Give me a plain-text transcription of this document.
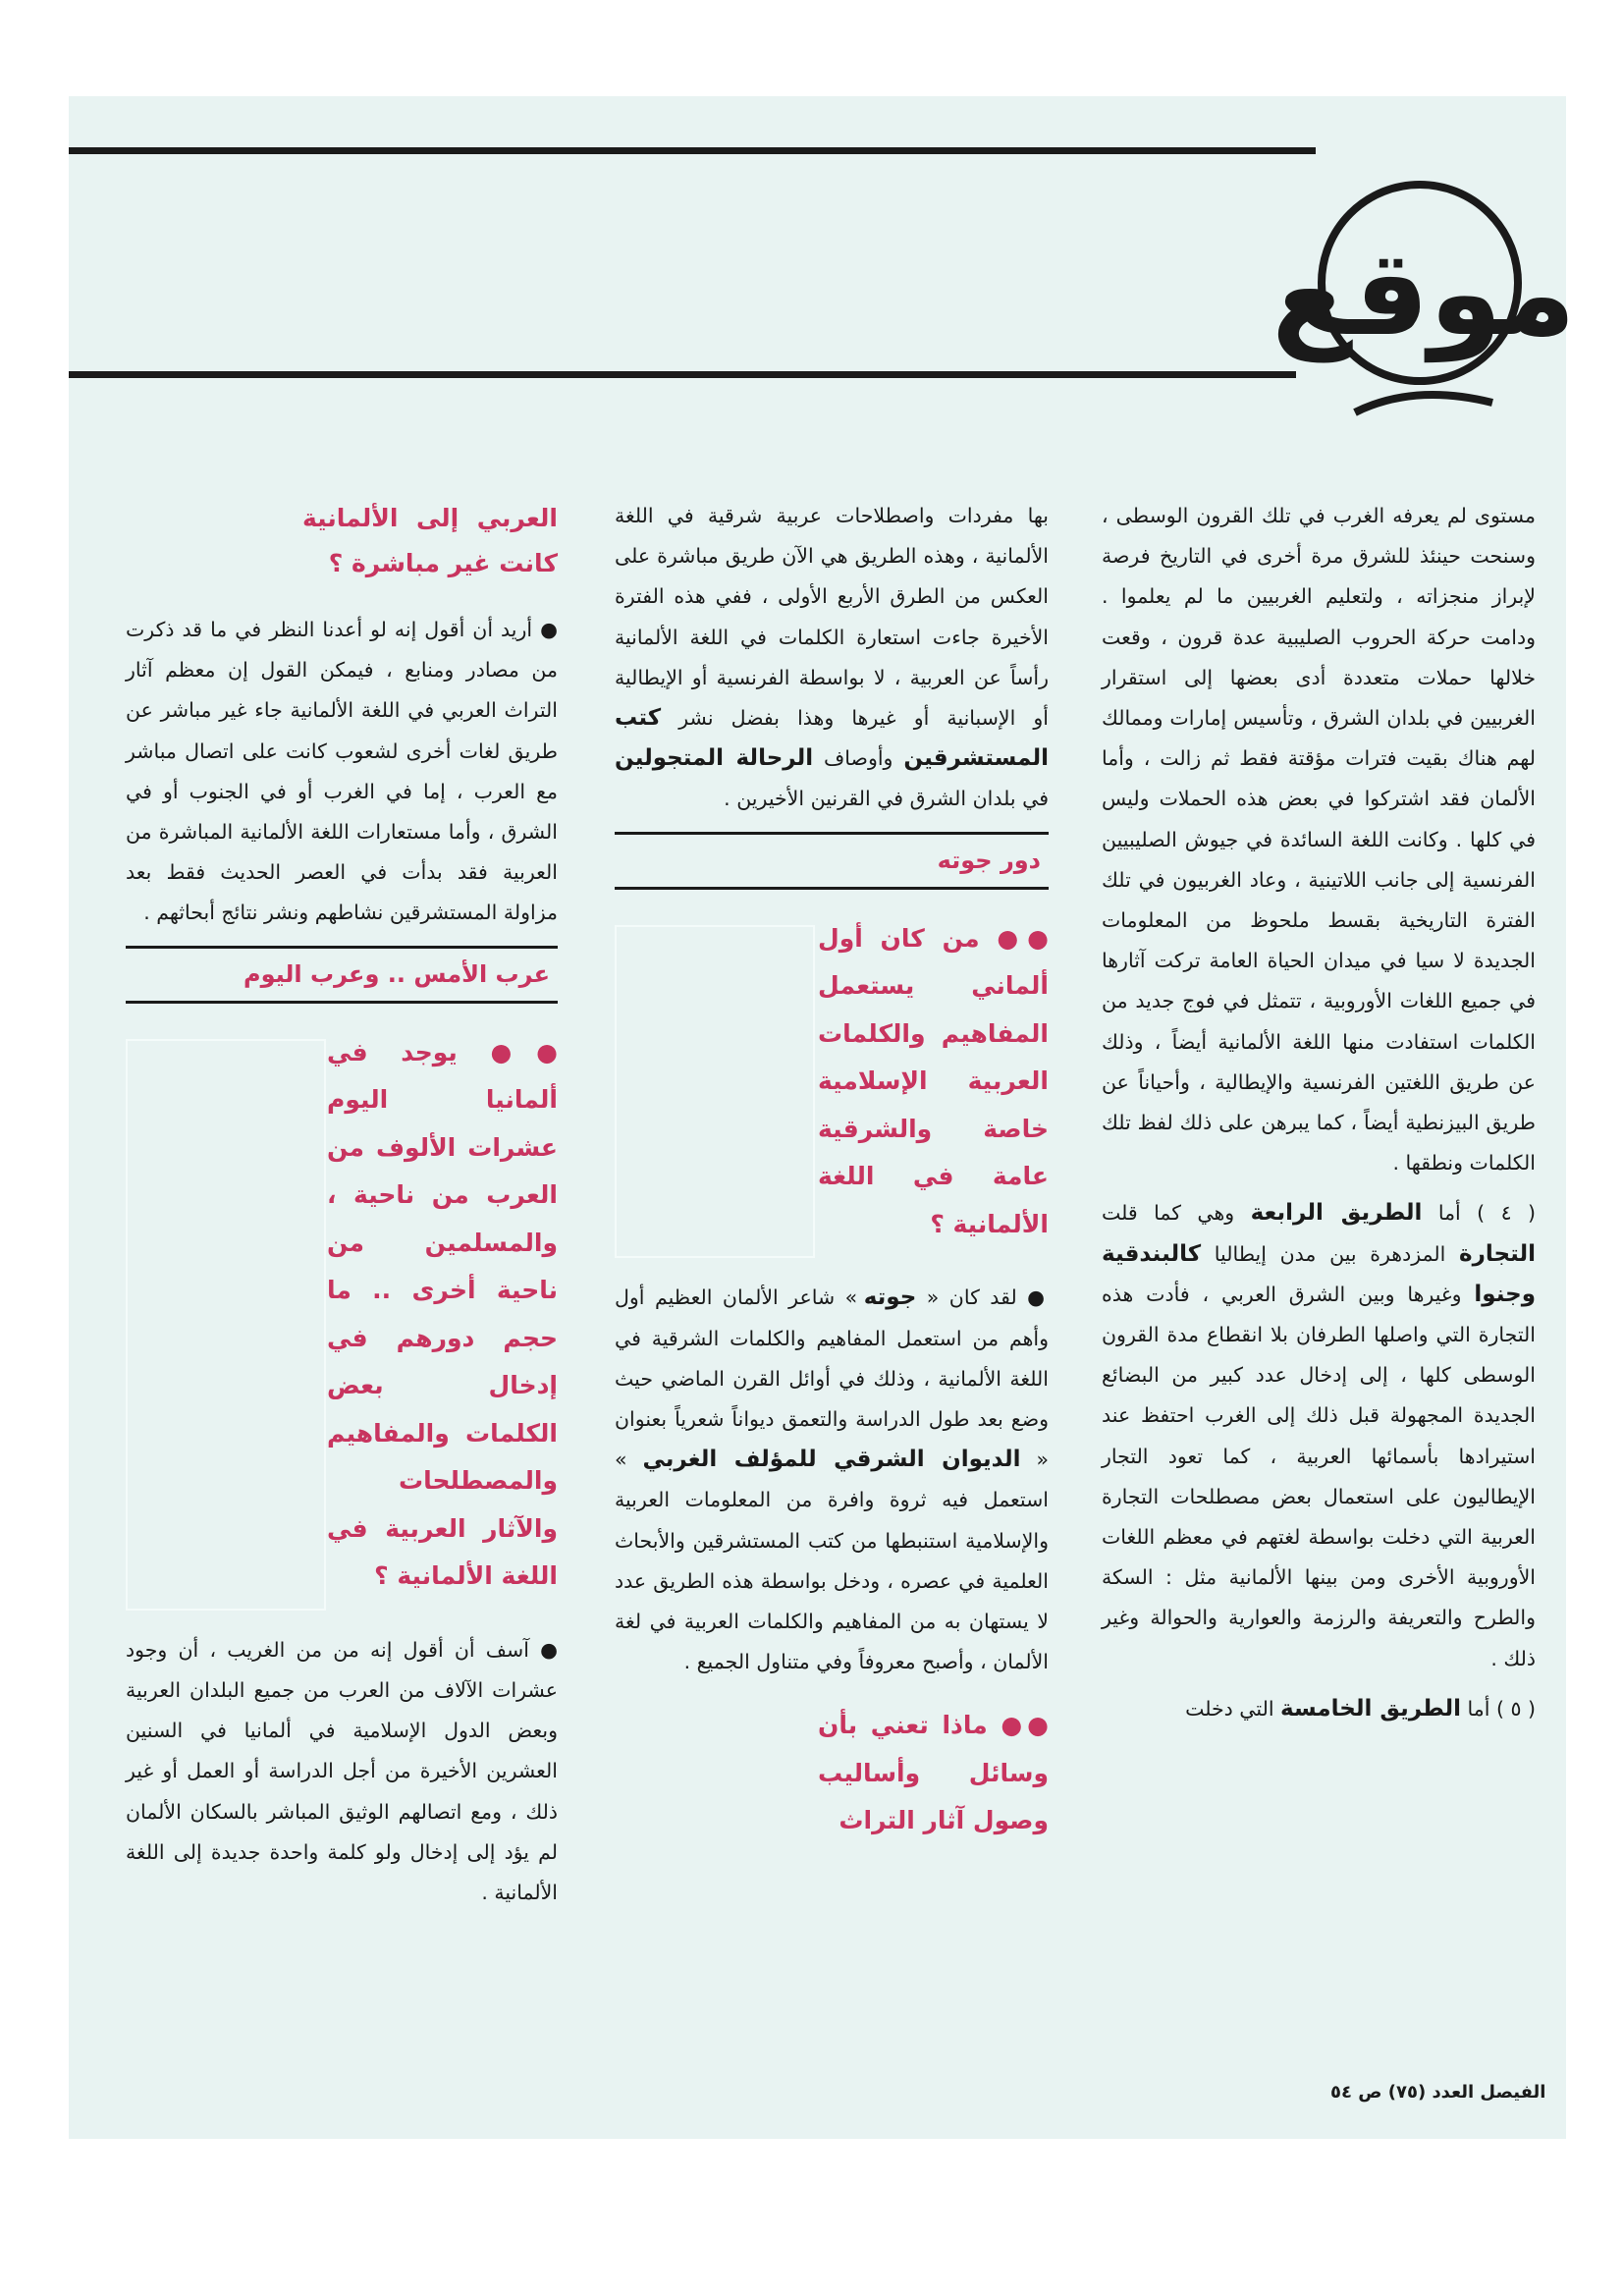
موقع

مستوى لم يعرفه الغرب في تلك القرون الوسطى ، وسنحت حينئذ للشرق مرة أخرى في التاريخ فرصة لإبراز منجزاته ، ولتعليم الغربيين ما لم يعلموا . ودامت حركة الحروب الصليبية عدة قرون ، وقعت خلالها حملات متعددة أدى بعضها إلى استقرار الغربيين في بلدان الشرق ، وتأسيس إمارات وممالك لهم هناك بقيت فترات مؤقتة فقط ثم زالت ، وأما الألمان فقد اشتركوا في بعض هذه الحملات وليس في كلها . وكانت اللغة السائدة في جيوش الصليبيين الفرنسية إلى جانب اللاتينية ، وعاد الغربيون في تلك الفترة التاريخية بقسط ملحوظ من المعلومات الجديدة لا سيا في ميدان الحياة العامة تركت آثارها في جميع اللغات الأوروبية ، تتمثل في فوج جديد من الكلمات استفادت منها اللغة الألمانية أيضاً ، وذلك عن طريق اللغتين الفرنسية والإيطالية ، وأحياناً عن طريق البيزنطية أيضاً ، كما يبرهن على ذلك لفظ تلك الكلمات ونطقها .

( ٤ ) أما الطريق الرابعة وهي كما قلت التجارة المزدهرة بين مدن إيطاليا كالبندقية وجنوا وغيرها وبين الشرق العربي ، فأدت هذه التجارة التي واصلها الطرفان بلا انقطاع مدة القرون الوسطى كلها ، إلى إدخال عدد كبير من البضائع الجديدة المجهولة قبل ذلك إلى الغرب احتفظ عند استيرادها بأسمائها العربية ، كما تعود التجار الإيطاليون على استعمال بعض مصطلحات التجارة العربية التي دخلت بواسطة لغتهم في معظم اللغات الأوروبية الأخرى ومن بينها الألمانية مثل : السكة والطرح والتعريفة والرزمة والعوارية والحوالة وغير ذلك .

( ٥ ) أما الطريق الخامسة التي دخلت

بها مفردات واصطلاحات عربية شرقية في اللغة الألمانية ، وهذه الطريق هي الآن طريق مباشرة على العكس من الطرق الأربع الأولى ، ففي هذه الفترة الأخيرة جاءت استعارة الكلمات في اللغة الألمانية رأساً عن العربية ، لا بواسطة الفرنسية أو الإيطالية أو الإسبانية أو غيرها وهذا بفضل نشر كتب المستشرقين وأوصاف الرحالة المتجولين في بلدان الشرق في القرنين الأخيرين .

دور جوته
●● من كان أول ألماني يستعمل المفاهيم والكلمات العربية الإسلامية خاصة والشرقية عامة في اللغة الألمانية ؟

● لقد كان « جوته » شاعر الألمان العظيم أول وأهم من استعمل المفاهيم والكلمات الشرقية في اللغة الألمانية ، وذلك في أوائل القرن الماضي حيث وضع بعد طول الدراسة والتعمق ديواناً شعرياً بعنوان « الديوان الشرقي للمؤلف الغربي » استعمل فيه ثروة وافرة من المعلومات العربية والإسلامية استنبطها من كتب المستشرقين والأبحاث العلمية في عصره ، ودخل بواسطة هذه الطريق عدد لا يستهان به من المفاهيم والكلمات العربية في لغة الألمان ، وأصبح معروفاً وفي متناول الجميع .

●● ماذا تعني بأن وسائل وأساليب وصول آثار التراث
العربي إلى الألمانية كانت غير مباشرة ؟

● أريد أن أقول إنه لو أعدنا النظر في ما قد ذكرت من مصادر ومنابع ، فيمكن القول إن معظم آثار التراث العربي في اللغة الألمانية جاء غير مباشر عن طريق لغات أخرى لشعوب كانت على اتصال مباشر مع العرب ، إما في الغرب أو في الجنوب أو في الشرق ، وأما مستعارات اللغة الألمانية المباشرة من العربية فقد بدأت في العصر الحديث فقط بعد مزاولة المستشرقين نشاطهم ونشر نتائج أبحاثهم .

عرب الأمس .. وعرب اليوم
●● يوجد في ألمانيا اليوم عشرات الألوف من العرب من ناحية ، والمسلمين من ناحية أخرى .. ما حجم دورهم في إدخال بعض الكلمات والمفاهيم والمصطلحات والآثار العربية في اللغة الألمانية ؟

● آسف أن أقول إنه من من الغريب ، أن وجود عشرات الآلاف من العرب من جميع البلدان العربية وبعض الدول الإسلامية في ألمانيا في السنين العشرين الأخيرة من أجل الدراسة أو العمل أو غير ذلك ، ومع اتصالهم الوثيق المباشر بالسكان الألمان لم يؤد إلى إدخال ولو كلمة واحدة جديدة إلى اللغة الألمانية .

الفيصل العدد (٧٥) ص ٥٤
